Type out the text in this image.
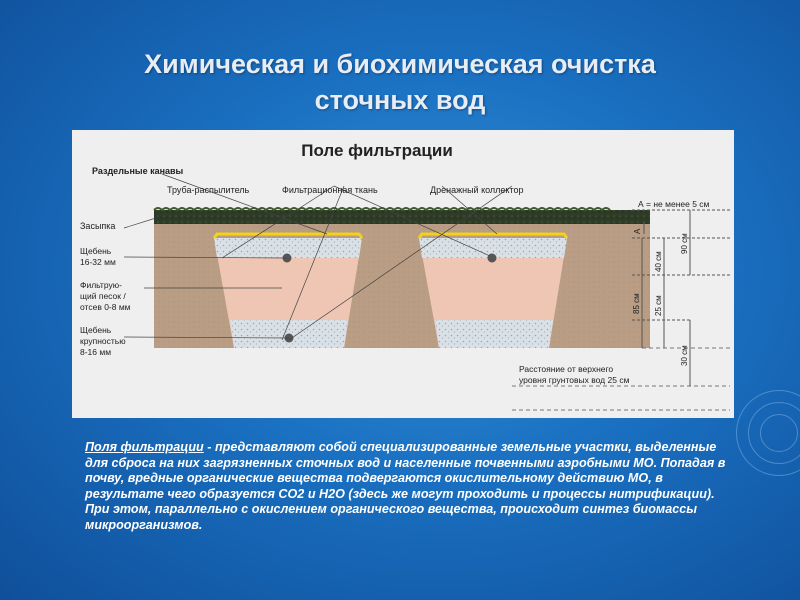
Химическая и биохимическая очистка
сточных вод
Поле фильтрации
Раздельные канавы
Труба-распылитель	Фильтрационная ткань	Дренажный коллектор
А = не менее 5 см
Засыпка
Щебень
16-32 мм
Фильтрую-
щий песок /
отсев 0-8 мм
Щебень
крупностью
8-16 мм
Расстояние от верхнего
уровня грунтовых вод 25 см
А
40 см
90 см
85 см 25 см
30 см

Поля фильтрации - представляют собой специализированные земельные участки, выделенные для сброса на них загрязненных сточных вод и населенные почвенными аэробными МО. Попадая в почву, вредные органические вещества подвергаются окислительному действию МО, в результате чего образуется СО2 и Н2О (здесь же могут проходить и процессы нитрификации). При этом, параллельно с окислением органического вещества, происходит синтез биомассы микроорганизмов.
